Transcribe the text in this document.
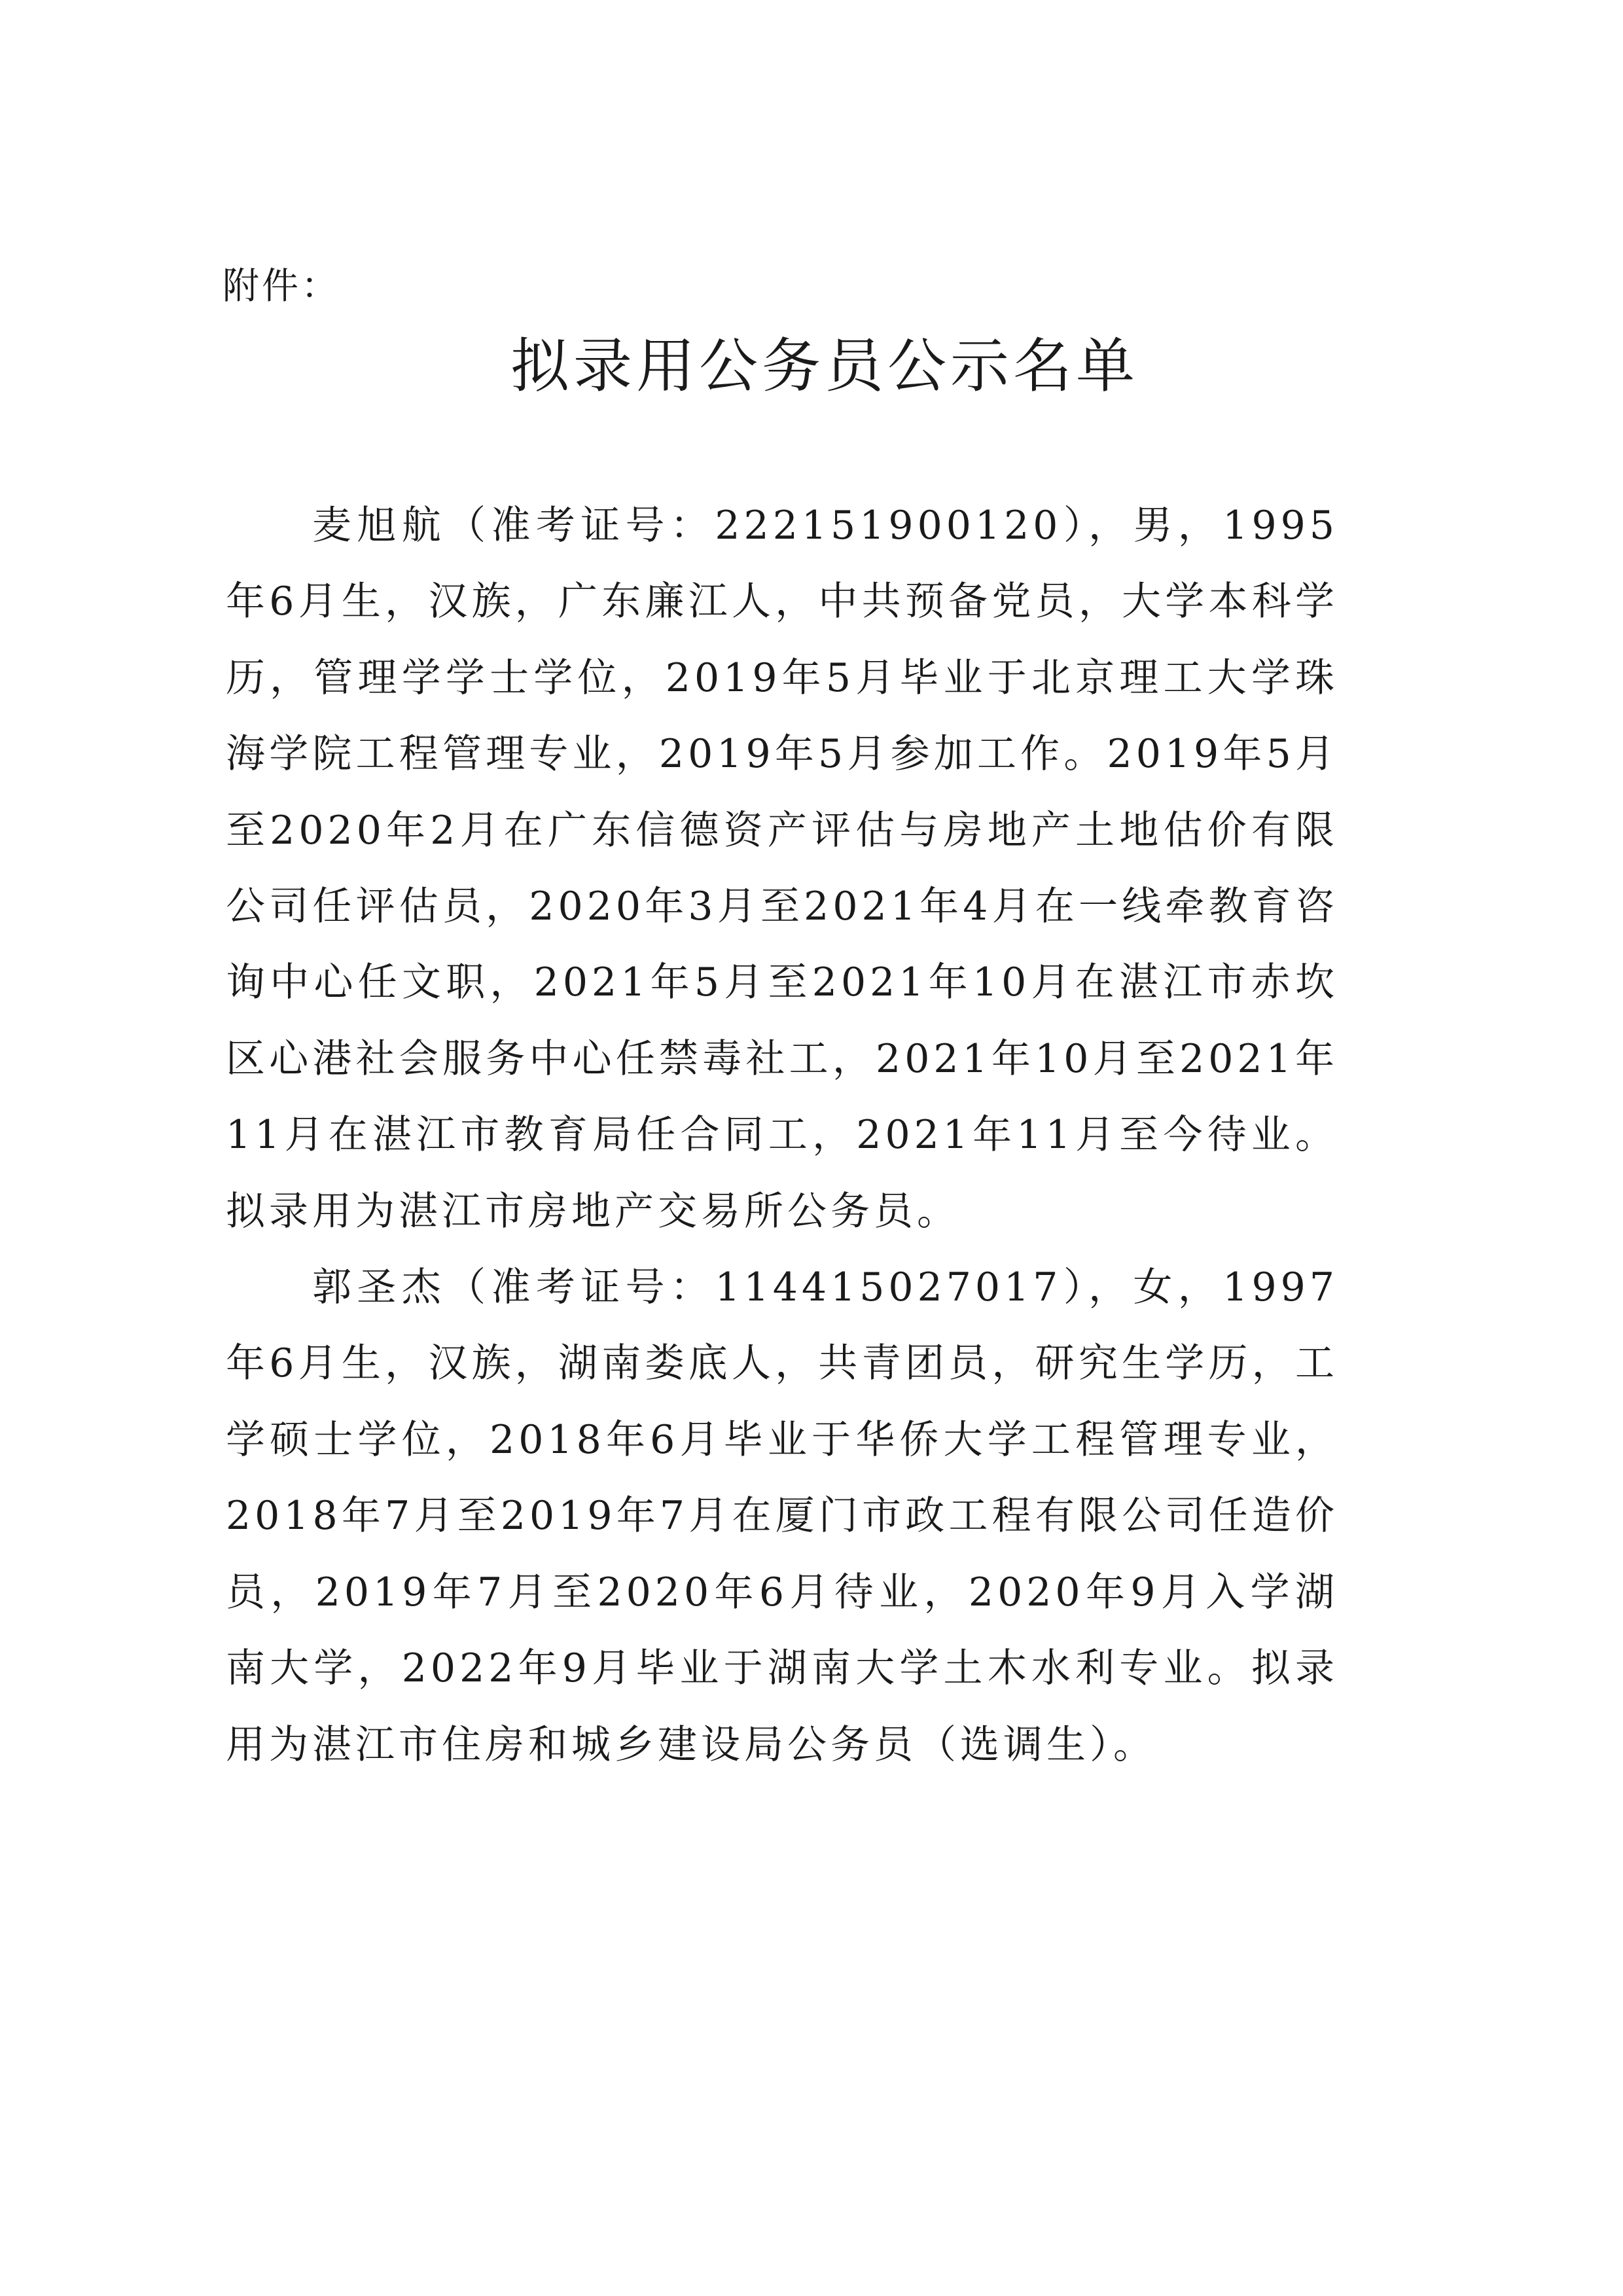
附件：
拟录用公务员公示名单

麦旭航（准考证号：222151900120），男，1995年6月生，汉族，广东廉江人，中共预备党员，大学本科学历，管理学学士学位，2019年5月毕业于北京理工大学珠海学院工程管理专业，2019年5月参加工作。2019年5月至2020年2月在广东信德资产评估与房地产土地估价有限公司任评估员，2020年3月至2021年4月在一线牵教育咨询中心任文职，2021年5月至2021年10月在湛江市赤坎区心港社会服务中心任禁毒社工，2021年10月至2021年11月在湛江市教育局任合同工，2021年11月至今待业。拟录用为湛江市房地产交易所公务员。

郭圣杰（准考证号：114415027017），女，1997年6月生，汉族，湖南娄底人，共青团员，研究生学历，工学硕士学位，2018年6月毕业于华侨大学工程管理专业，2018年7月至2019年7月在厦门市政工程有限公司任造价员，2019年7月至2020年6月待业，2020年9月入学湖南大学，2022年9月毕业于湖南大学土木水利专业。拟录用为湛江市住房和城乡建设局公务员（选调生）。
